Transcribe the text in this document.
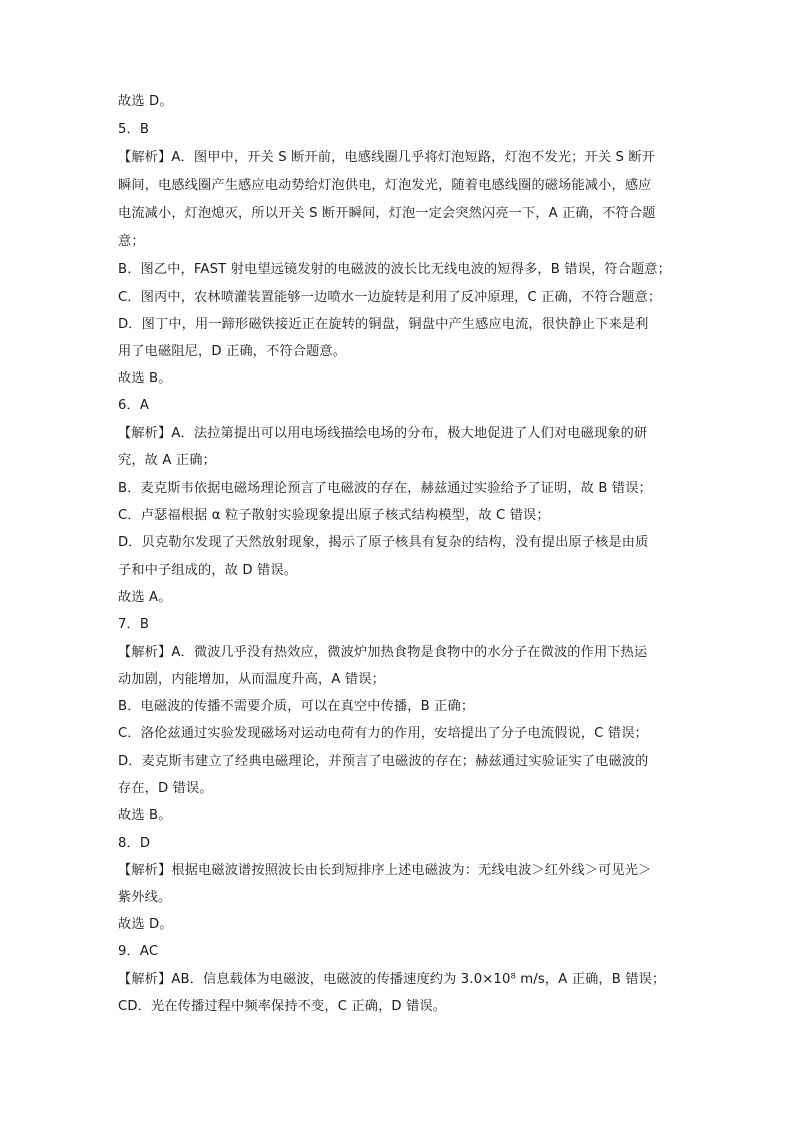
故选 D。
5．B
【解析】A．图甲中，开关 S 断开前，电感线圈几乎将灯泡短路，灯泡不发光；开关 S 断开
瞬间，电感线圈产生感应电动势给灯泡供电，灯泡发光，随着电感线圈的磁场能减小，感应
电流减小，灯泡熄灭，所以开关 S 断开瞬间，灯泡一定会突然闪亮一下，A 正确，不符合题
意；
B．图乙中，FAST 射电望远镜发射的电磁波的波长比无线电波的短得多，B 错误，符合题意；
C．图丙中，农林喷灌装置能够一边喷水一边旋转是利用了反冲原理，C 正确，不符合题意；
D．图丁中，用一蹄形磁铁接近正在旋转的铜盘，铜盘中产生感应电流，很快静止下来是利
用了电磁阻尼，D 正确，不符合题意。
故选 B。
6．A
【解析】A．法拉第提出可以用电场线描绘电场的分布，极大地促进了人们对电磁现象的研
究，故 A 正确；
B．麦克斯韦依据电磁场理论预言了电磁波的存在，赫兹通过实验给予了证明，故 B 错误；
C．卢瑟福根据 α 粒子散射实验现象提出原子核式结构模型，故 C 错误；
D．贝克勒尔发现了天然放射现象，揭示了原子核具有复杂的结构，没有提出原子核是由质
子和中子组成的，故 D 错误。
故选 A。
7．B
【解析】A．微波几乎没有热效应，微波炉加热食物是食物中的水分子在微波的作用下热运
动加剧，内能增加，从而温度升高，A 错误；
B．电磁波的传播不需要介质，可以在真空中传播，B 正确；
C．洛伦兹通过实验发现磁场对运动电荷有力的作用，安培提出了分子电流假说，C 错误；
D．麦克斯韦建立了经典电磁理论，并预言了电磁波的存在；赫兹通过实验证实了电磁波的
存在，D 错误。
故选 B。
8．D
【解析】根据电磁波谱按照波长由长到短排序上述电磁波为：无线电波＞红外线＞可见光＞
紫外线。
故选 D。
9．AC
【解析】AB．信息载体为电磁波，电磁波的传播速度约为 3.0×10⁸ m/s，A 正确，B 错误；
CD．光在传播过程中频率保持不变，C 正确，D 错误。
